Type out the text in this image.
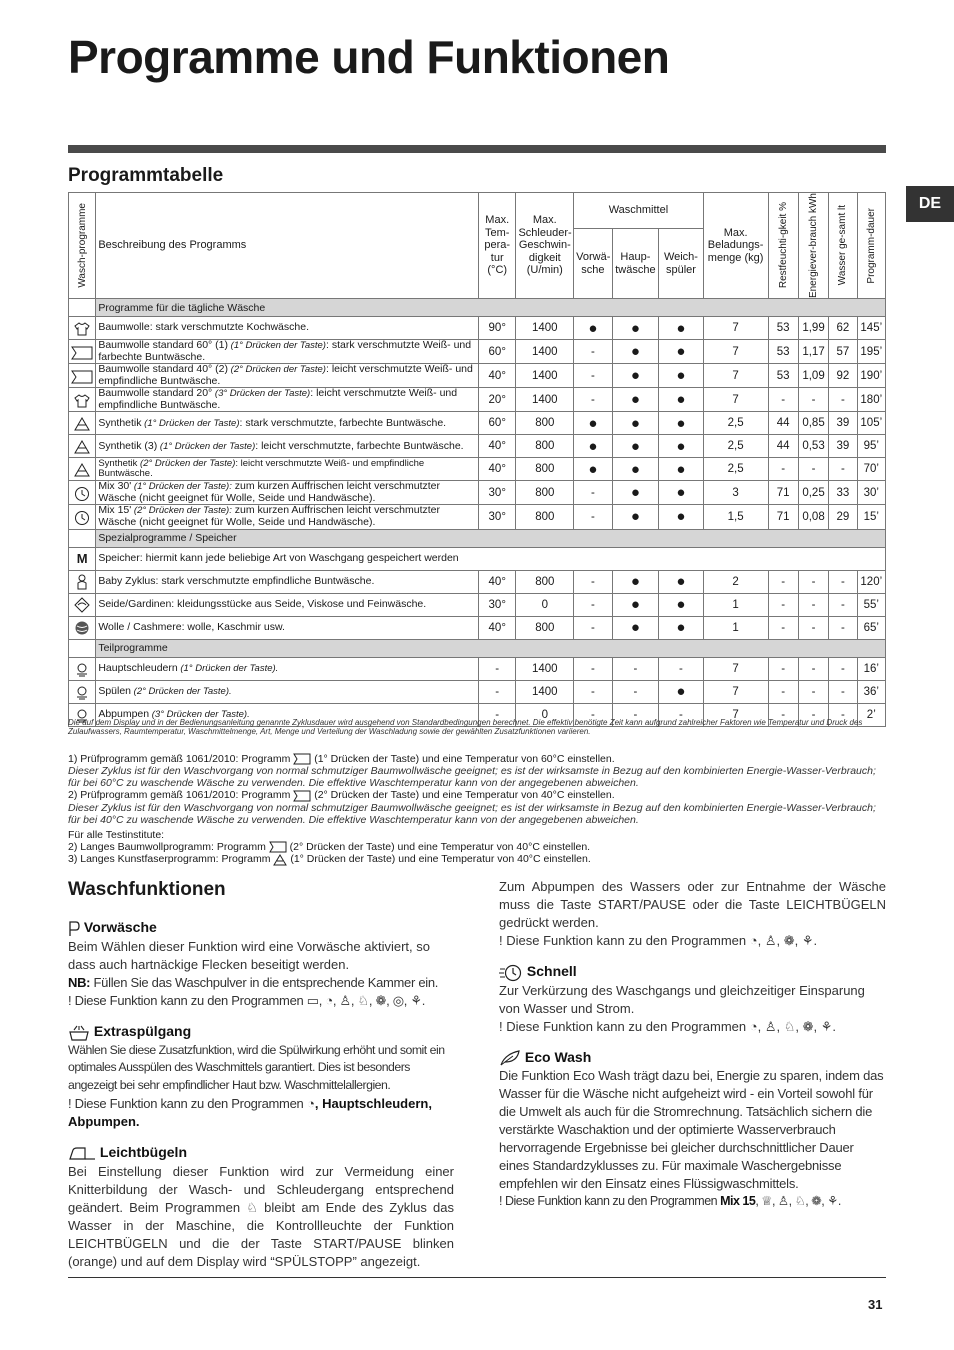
Programme und Funktionen
DE
Programmtabelle
Wasch-programme	Beschreibung des Programms	Max. Tem-pera-tur (°C)	Max. Schleuder-Geschwin-digkeit (U/min)	Waschmittel			Max. Beladungs-menge (kg)	Restfeuchti-gkeit %	Energiever-brauch kWh	Wasser ge-samt lt	Programm-dauer

				Vorwä-sche	Haup-twäsche	Weich-spüler					
	Programme für die tägliche Wäsche										
	Baumwolle: stark verschmutzte Kochwäsche.	90°	1400	●	●	●	7	53	1,99	62	145’
	Baumwolle standard 60° (1) (1° Drücken der Taste): stark verschmutzte Weiß- und farbechte Buntwäsche.	60°	1400	-	●	●	7	53	1,17	57	195’
	Baumwolle standard 40° (2) (2° Drücken der Taste): leicht verschmutzte Weiß- und empfindliche Buntwäsche.	40°	1400	-	●	●	7	53	1,09	92	190’
	Baumwolle standard 20° (3° Drücken der Taste): leicht verschmutzte Weiß- und empfindliche Buntwäsche.	20°	1400	-	●	●	7	-	-	-	180’
	Synthetik (1° Drücken der Taste): stark verschmutzte, farbechte Buntwäsche.	60°	800	●	●	●	2,5	44	0,85	39	105’
	Synthetik (3) (1° Drücken der Taste): leicht verschmutzte, farbechte Buntwäsche.	40°	800	●	●	●	2,5	44	0,53	39	95’
	Synthetik (2° Drücken der Taste): leicht verschmutzte Weiß- und empfindliche Buntwäsche.	40°	800	●	●	●	2,5	-	-	-	70’
	Mix 30' (1° Drücken der Taste): zum kurzen Auffrischen leicht verschmutzter Wäsche (nicht geeignet für Wolle, Seide und Handwäsche).	30°	800	-	●	●	3	71	0,25	33	30’
	Mix 15' (2° Drücken der Taste): zum kurzen Auffrischen leicht verschmutzter Wäsche (nicht geeignet für Wolle, Seide und Handwäsche).	30°	800	-	●	●	1,5	71	0,08	29	15’
	Spezialprogramme / Speicher										
M	Speicher: hiermit kann jede beliebige Art von Waschgang gespeichert werden										
	Baby Zyklus: stark verschmutzte empfindliche Buntwäsche.	40°	800	-	●	●	2	-	-	-	120’
	Seide/Gardinen: kleidungsstücke aus Seide, Viskose und Feinwäsche.	30°	0	-	●	●	1	-	-	-	55’
	Wolle / Cashmere: wolle, Kaschmir usw.	40°	800	-	●	●	1	-	-	-	65’
	Teilprogramme										
	Hauptschleudern (1° Drücken der Taste).	-	1400	-	-	-	7	-	-	-	16’
	Spülen (2° Drücken der Taste).	-	1400	-	-	●	7	-	-	-	36’
	Abpumpen (3° Drücken der Taste).	-	0	-	-	-	7	-	-	-	2’
Die auf dem Display und in der Bedienungsanleitung genannte Zyklusdauer wird ausgehend von Standardbedingungen berechnet. Die effektiv benötigte Zeit kann aufgrund zahlreicher Faktoren wie Temperatur und Druck des Zulaufwassers, Raumtemperatur, Waschmittelmenge, Art, Menge und Verteilung der Waschladung sowie der gewählten Zusatzfunktionen variieren.

1) Prüfprogramm gemäß 1061/2010: Programm (1° Drücken der Taste) und eine Temperatur von 60°C einstellen.

Dieser Zyklus ist für den Waschvorgang von normal schmutziger Baumwollwäsche geeignet; es ist der wirksamste in Bezug auf den kombinierten Energie-Wasser-Verbrauch; für bei 60°C zu waschende Wäsche zu verwenden. Die effektive Waschtemperatur kann von der angegebenen abweichen.

2) Prüfprogramm gemäß 1061/2010: Programm (2° Drücken der Taste) und eine Temperatur von 40°C einstellen.

Dieser Zyklus ist für den Waschvorgang von normal schmutziger Baumwollwäsche geeignet; es ist der wirksamste in Bezug auf den kombinierten Energie-Wasser-Verbrauch; für bei 40°C zu waschende Wäsche zu verwenden. Die effektive Waschtemperatur kann von der angegebenen abweichen.

Für alle Testinstitute:

2) Langes Baumwollprogramm: Programm (2° Drücken der Taste) und eine Temperatur von 40°C einstellen.

3) Langes Kunstfaserprogramm: Programm (1° Drücken der Taste) und eine Temperatur von 40°C einstellen.

Waschfunktionen
Vorwäsche

Beim Wählen dieser Funktion wird eine Vorwäsche aktiviert, so dass auch hartnäckige Flecken beseitigt werden.

NB: Füllen Sie das Waschpulver in die entsprechende Kammer ein.

! Diese Funktion kann zu den Programmen ▭, ◔, ♙, ♘, ❁, ◎, ⚘.

Extraspülgang

Wählen Sie diese Zusatzfunktion, wird die Spülwirkung erhöht und somit ein optimales Ausspülen des Waschmittels garantiert. Dies ist besonders angezeigt bei sehr empfindlicher Haut bzw. Waschmittelallergien.

! Diese Funktion kann zu den Programmen ◔, Hauptschleudern, Abpumpen.

Leichtbügeln

Bei Einstellung dieser Funktion wird zur Vermeidung einer Knitterbildung der Wasch- und Schleudergang entsprechend geändert. Beim Programmen ♘ bleibt am Ende des Zyklus das Wasser in der Maschine, die Kontrollleuchte der Funktion LEICHTBÜGELN und die der Taste START/PAUSE blinken (orange) und auf dem Display wird “SPÜLSTOPP” angezeigt.

Zum Abpumpen des Wassers oder zur Entnahme der Wäsche muss die Taste START/PAUSE oder die Taste LEICHTBÜGELN gedrückt werden.

! Diese Funktion kann zu den Programmen ◔, ♙, ❁, ⚘.

Schnell

Zur Verkürzung des Waschgangs und gleichzeitiger Einsparung von Wasser und Strom.

! Diese Funktion kann zu den Programmen ◔, ♙, ♘, ❁, ⚘.

Eco Wash

Die Funktion Eco Wash trägt dazu bei, Energie zu sparen, indem das Wasser für die Wäsche nicht aufgeheizt wird - ein Vorteil sowohl für die Umwelt als auch für die Stromrechnung. Tatsächlich sichern die verstärkte Waschaktion und der optimierte Wasserverbrauch hervorragende Ergebnisse bei gleicher durchschnittlicher Dauer eines Standardzyklusses zu. Für maximale Waschergebnisse empfehlen wir den Einsatz eines Flüssigwaschmittels.

! Diese Funktion kann zu den Programmen Mix 15, ♕, ♙, ♘, ❁, ⚘.

31
